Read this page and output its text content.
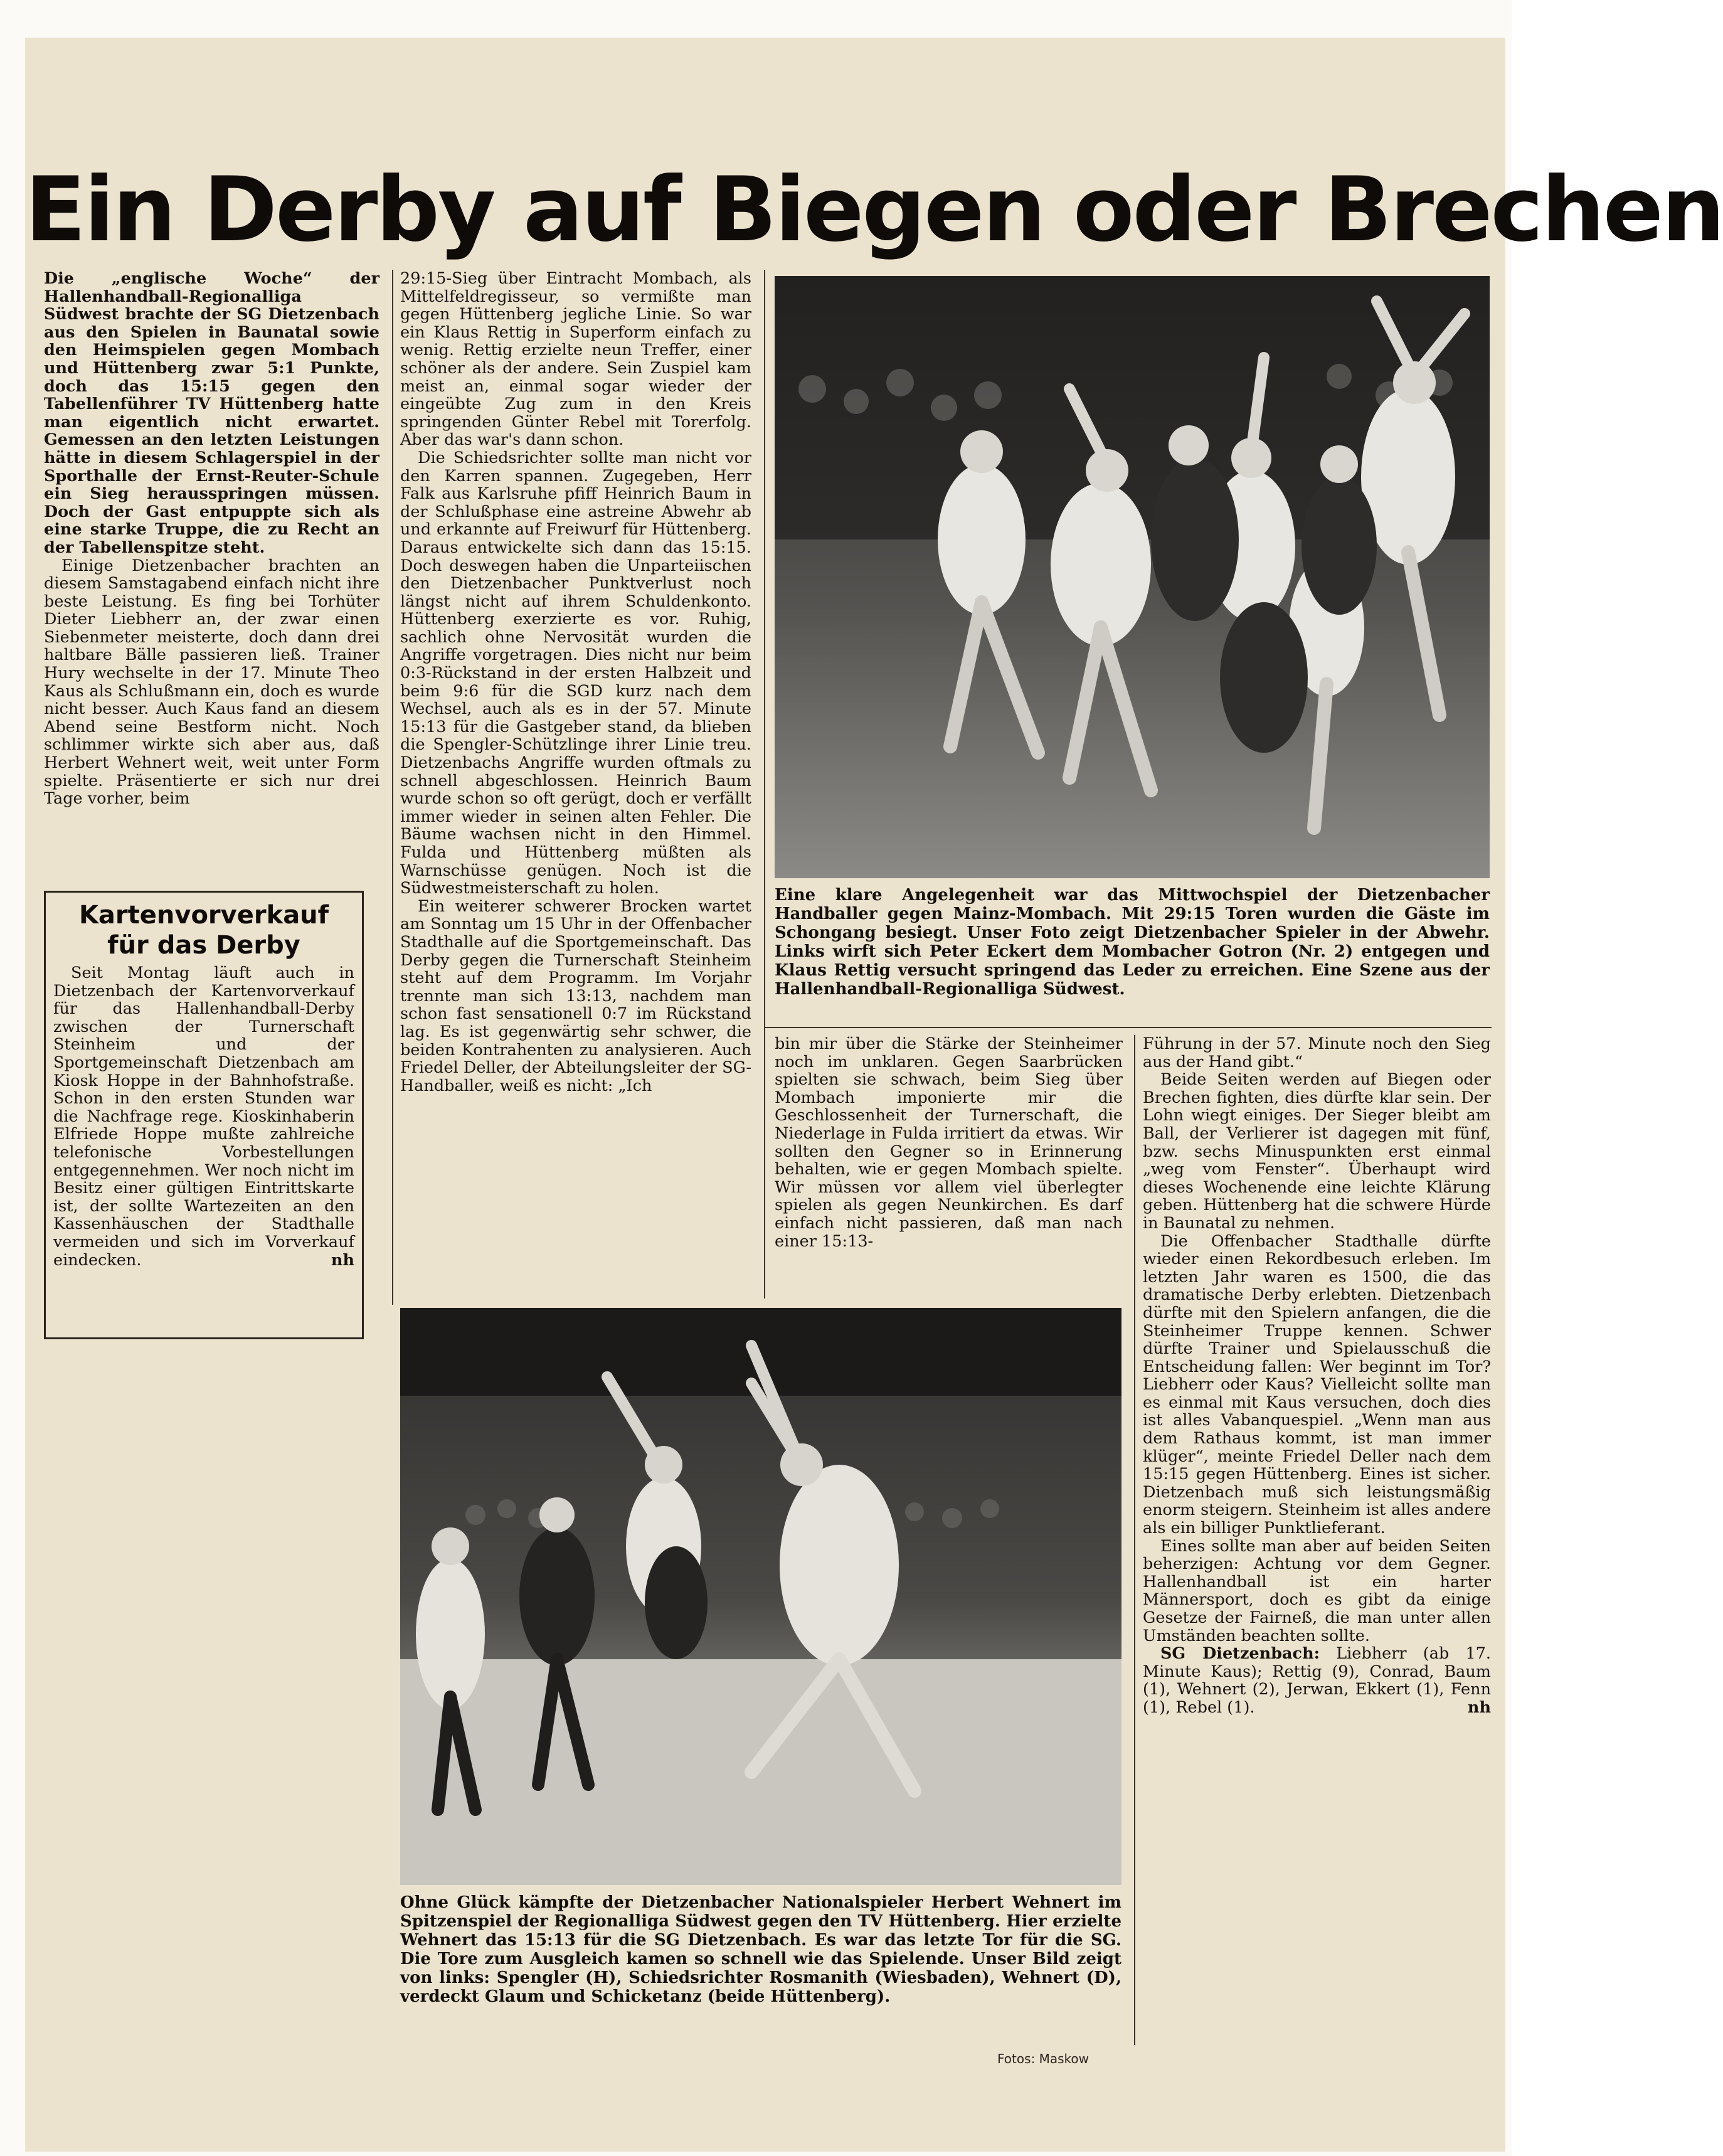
Ein Derby auf Biegen oder Brechen

Die „englische Woche“ der Hallenhandball-Regionalliga Südwest brachte der SG Dietzenbach aus den Spielen in Baunatal sowie den Heimspielen gegen Mombach und Hüttenberg zwar 5:1 Punkte, doch das 15:15 gegen den Tabellenführer TV Hüttenberg hatte man eigentlich nicht erwartet. Gemessen an den letzten Leistungen hätte in diesem Schlagerspiel in der Sporthalle der Ernst-Reuter-Schule ein Sieg herausspringen müssen. Doch der Gast entpuppte sich als eine starke Truppe, die zu Recht an der Tabellenspitze steht.

Einige Dietzenbacher brachten an diesem Samstagabend einfach nicht ihre beste Leistung. Es fing bei Torhüter Dieter Liebherr an, der zwar einen Siebenmeter meisterte, doch dann drei haltbare Bälle passieren ließ. Trainer Hury wechselte in der 17. Minute Theo Kaus als Schlußmann ein, doch es wurde nicht besser. Auch Kaus fand an diesem Abend seine Bestform nicht. Noch schlimmer wirkte sich aber aus, daß Herbert Wehnert weit, weit unter Form spielte. Präsentierte er sich nur drei Tage vorher, beim

Kartenvorverkauf
für das Derby

Seit Montag läuft auch in Dietzenbach der Kartenvorverkauf für das Hallenhandball-Derby zwischen der Turnerschaft Steinheim und der Sportgemeinschaft Dietzenbach am Kiosk Hoppe in der Bahnhofstraße. Schon in den ersten Stunden war die Nachfrage rege. Kioskinhaberin Elfriede Hoppe mußte zahlreiche telefonische Vorbestellungen entgegennehmen. Wer noch nicht im Besitz einer gültigen Eintrittskarte ist, der sollte Wartezeiten an den Kassenhäuschen der Stadthalle vermeiden und sich im Vorverkauf eindecken.	nh

29:15-Sieg über Eintracht Mombach, als Mittelfeldregisseur, so vermißte man gegen Hüttenberg jegliche Linie. So war ein Klaus Rettig in Superform einfach zu wenig. Rettig erzielte neun Treffer, einer schöner als der andere. Sein Zuspiel kam meist an, einmal sogar wieder der eingeübte Zug zum in den Kreis springenden Günter Rebel mit Torerfolg. Aber das war's dann schon.

Die Schiedsrichter sollte man nicht vor den Karren spannen. Zugegeben, Herr Falk aus Karlsruhe pfiff Heinrich Baum in der Schlußphase eine astreine Abwehr ab und erkannte auf Freiwurf für Hüttenberg. Daraus entwickelte sich dann das 15:15. Doch deswegen haben die Unparteiischen den Dietzenbacher Punktverlust noch längst nicht auf ihrem Schuldenkonto. Hüttenberg exerzierte es vor. Ruhig, sachlich ohne Nervosität wurden die Angriffe vorgetragen. Dies nicht nur beim 0:3-Rückstand in der ersten Halbzeit und beim 9:6 für die SGD kurz nach dem Wechsel, auch als es in der 57. Minute 15:13 für die Gastgeber stand, da blieben die Spengler-Schützlinge ihrer Linie treu. Dietzenbachs Angriffe wurden oftmals zu schnell abgeschlossen. Heinrich Baum wurde schon so oft gerügt, doch er verfällt immer wieder in seinen alten Fehler. Die Bäume wachsen nicht in den Himmel. Fulda und Hüttenberg müßten als Warnschüsse genügen. Noch ist die Südwestmeisterschaft zu holen.

Ein weiterer schwerer Brocken wartet am Sonntag um 15 Uhr in der Offenbacher Stadthalle auf die Sportgemeinschaft. Das Derby gegen die Turnerschaft Steinheim steht auf dem Programm. Im Vorjahr trennte man sich 13:13, nachdem man schon fast sensationell 0:7 im Rückstand lag. Es ist gegenwärtig sehr schwer, die beiden Kontrahenten zu analysieren. Auch Friedel Deller, der Abteilungsleiter der SG-Handballer, weiß es nicht: „Ich

Eine klare Angelegenheit war das Mittwochspiel der Dietzenbacher Handballer gegen Mainz-Mombach. Mit 29:15 Toren wurden die Gäste im Schongang besiegt. Unser Foto zeigt Dietzenbacher Spieler in der Abwehr. Links wirft sich Peter Eckert dem Mombacher Gotron (Nr. 2) entgegen und Klaus Rettig versucht springend das Leder zu erreichen. Eine Szene aus der Hallenhandball-Regionalliga Südwest.

bin mir über die Stärke der Steinheimer noch im unklaren. Gegen Saarbrücken spielten sie schwach, beim Sieg über Mombach imponierte mir die Geschlossenheit der Turnerschaft, die Niederlage in Fulda irritiert da etwas. Wir sollten den Gegner so in Erinnerung behalten, wie er gegen Mombach spielte. Wir müssen vor allem viel überlegter spielen als gegen Neunkirchen. Es darf einfach nicht passieren, daß man nach einer 15:13-

Führung in der 57. Minute noch den Sieg aus der Hand gibt.“

Beide Seiten werden auf Biegen oder Brechen fighten, dies dürfte klar sein. Der Lohn wiegt einiges. Der Sieger bleibt am Ball, der Verlierer ist dagegen mit fünf, bzw. sechs Minuspunkten erst einmal „weg vom Fenster“. Überhaupt wird dieses Wochenende eine leichte Klärung geben. Hüttenberg hat die schwere Hürde in Baunatal zu nehmen.

Die Offenbacher Stadthalle dürfte wieder einen Rekordbesuch erleben. Im letzten Jahr waren es 1500, die das dramatische Derby erlebten. Dietzenbach dürfte mit den Spielern anfangen, die die Steinheimer Truppe kennen. Schwer dürfte Trainer und Spielausschuß die Entscheidung fallen: Wer beginnt im Tor? Liebherr oder Kaus? Vielleicht sollte man es einmal mit Kaus versuchen, doch dies ist alles Vabanquespiel. „Wenn man aus dem Rathaus kommt, ist man immer klüger“, meinte Friedel Deller nach dem 15:15 gegen Hüttenberg. Eines ist sicher. Dietzenbach muß sich leistungsmäßig enorm steigern. Steinheim ist alles andere als ein billiger Punktlieferant.

Eines sollte man aber auf beiden Seiten beherzigen: Achtung vor dem Gegner. Hallenhandball ist ein harter Männersport, doch es gibt da einige Gesetze der Fairneß, die man unter allen Umständen beachten sollte.

SG Dietzenbach: Liebherr (ab 17. Minute Kaus); Rettig (9), Conrad, Baum (1), Wehnert (2), Jerwan, Ekkert (1), Fenn (1), Rebel (1).	nh

Ohne Glück kämpfte der Dietzenbacher Nationalspieler Herbert Wehnert im Spitzenspiel der Regionalliga Südwest gegen den TV Hüttenberg. Hier erzielte Wehnert das 15:13 für die SG Dietzenbach. Es war das letzte Tor für die SG. Die Tore zum Ausgleich kamen so schnell wie das Spielende. Unser Bild zeigt von links: Spengler (H), Schiedsrichter Rosmanith (Wiesbaden), Wehnert (D), verdeckt Glaum und Schicketanz (beide Hüttenberg).

Fotos: Maskow
